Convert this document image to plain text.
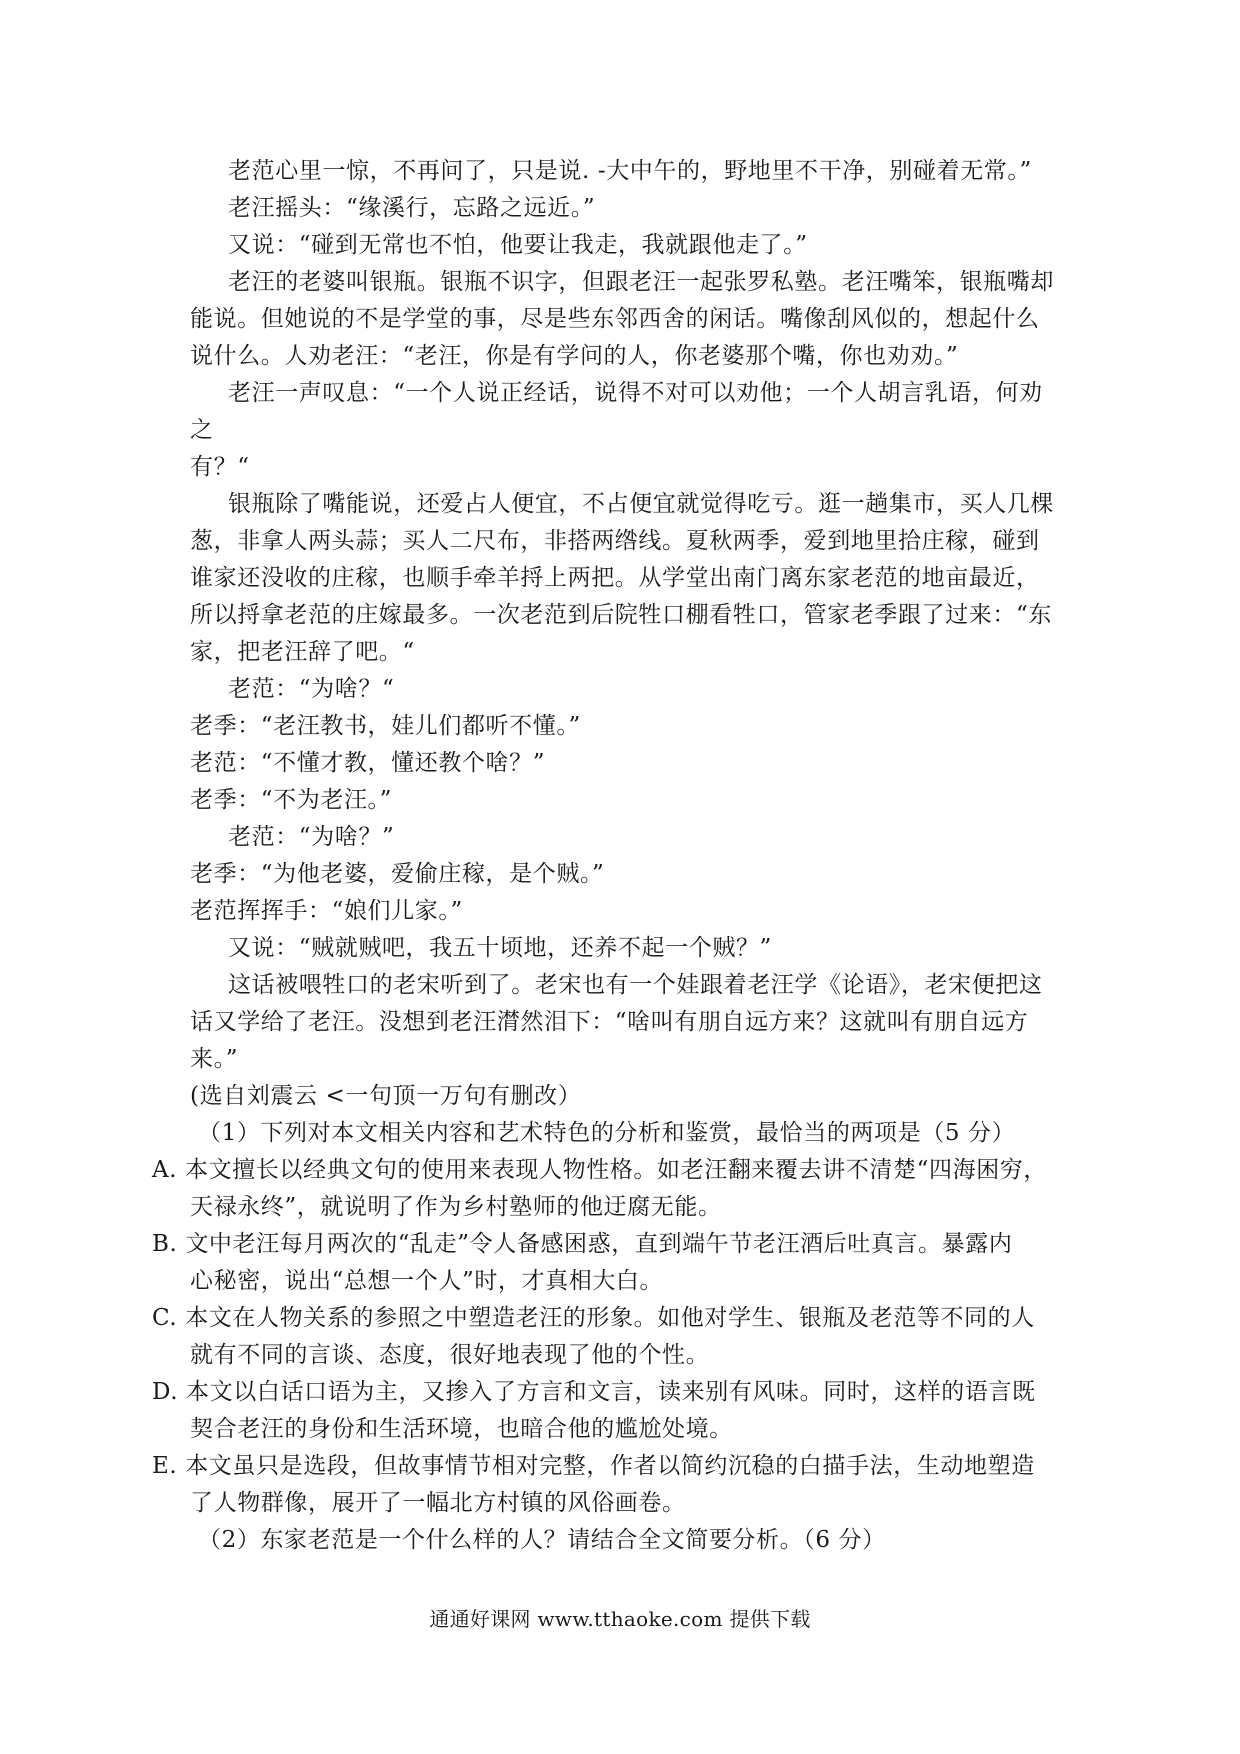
老范心里一惊，不再问了，只是说. -大中午的，野地里不干净，别碰着无常。”
老汪摇头：“缘溪行，忘路之远近。”
又说：“碰到无常也不怕，他要让我走，我就跟他走了。”
老汪的老婆叫银瓶。银瓶不识字，但跟老汪一起张罗私塾。老汪嘴笨，银瓶嘴却
能说。但她说的不是学堂的事，尽是些东邻西舍的闲话。嘴像刮风似的，想起什么
说什么。人劝老汪：“老汪，你是有学问的人，你老婆那个嘴，你也劝劝。”
老汪一声叹息：“一个人说正经话，说得不对可以劝他；一个人胡言乳语，何劝
之
有？“
银瓶除了嘴能说，还爱占人便宜，不占便宜就觉得吃亏。逛一趟集市，买人几棵
葱，非拿人两头蒜；买人二尺布，非搭两绺线。夏秋两季，爱到地里拾庄稼，碰到
谁家还没收的庄稼，也顺手牵羊捋上两把。从学堂出南门离东家老范的地亩最近，
所以捋拿老范的庄嫁最多。一次老范到后院牲口棚看牲口，管家老季跟了过来：“东
家，把老汪辞了吧。“
老范：“为啥？“
老季：“老汪教书，娃儿们都听不懂。”
老范：“不懂才教，懂还教个啥？”
老季：“不为老汪。”
老范：“为啥？”
老季：“为他老婆，爱偷庄稼，是个贼。”
老范挥挥手：“娘们儿家。”
又说：“贼就贼吧，我五十顷地，还养不起一个贼？”
这话被喂牲口的老宋听到了。老宋也有一个娃跟着老汪学《论语》，老宋便把这
话又学给了老汪。没想到老汪潸然泪下：“啥叫有朋自远方来？这就叫有朋自远方
来。”
(选自刘震云 <一句顶一万句有删改）
（1）下列对本文相关内容和艺术特色的分析和鉴赏，最恰当的两项是（5 分）
A. 本文擅长以经典文句的使用来表现人物性格。如老汪翻来覆去讲不清楚“四海困穷，
天禄永终”，就说明了作为乡村塾师的他迂腐无能。
B. 文中老汪每月两次的“乱走”令人备感困惑，直到端午节老汪酒后吐真言。暴露内
心秘密，说出“总想一个人”时，才真相大白。
C. 本文在人物关系的参照之中塑造老汪的形象。如他对学生、银瓶及老范等不同的人
就有不同的言谈、态度，很好地表现了他的个性。
D. 本文以白话口语为主，又掺入了方言和文言，读来别有风味。同时，这样的语言既
契合老汪的身份和生活环境，也暗合他的尴尬处境。
E. 本文虽只是选段，但故事情节相对完整，作者以简约沉稳的白描手法，生动地塑造
了人物群像，展开了一幅北方村镇的风俗画卷。
（2）东家老范是一个什么样的人？请结合全文简要分析。（6 分）
通通好课网 www.tthaoke.com 提供下载
